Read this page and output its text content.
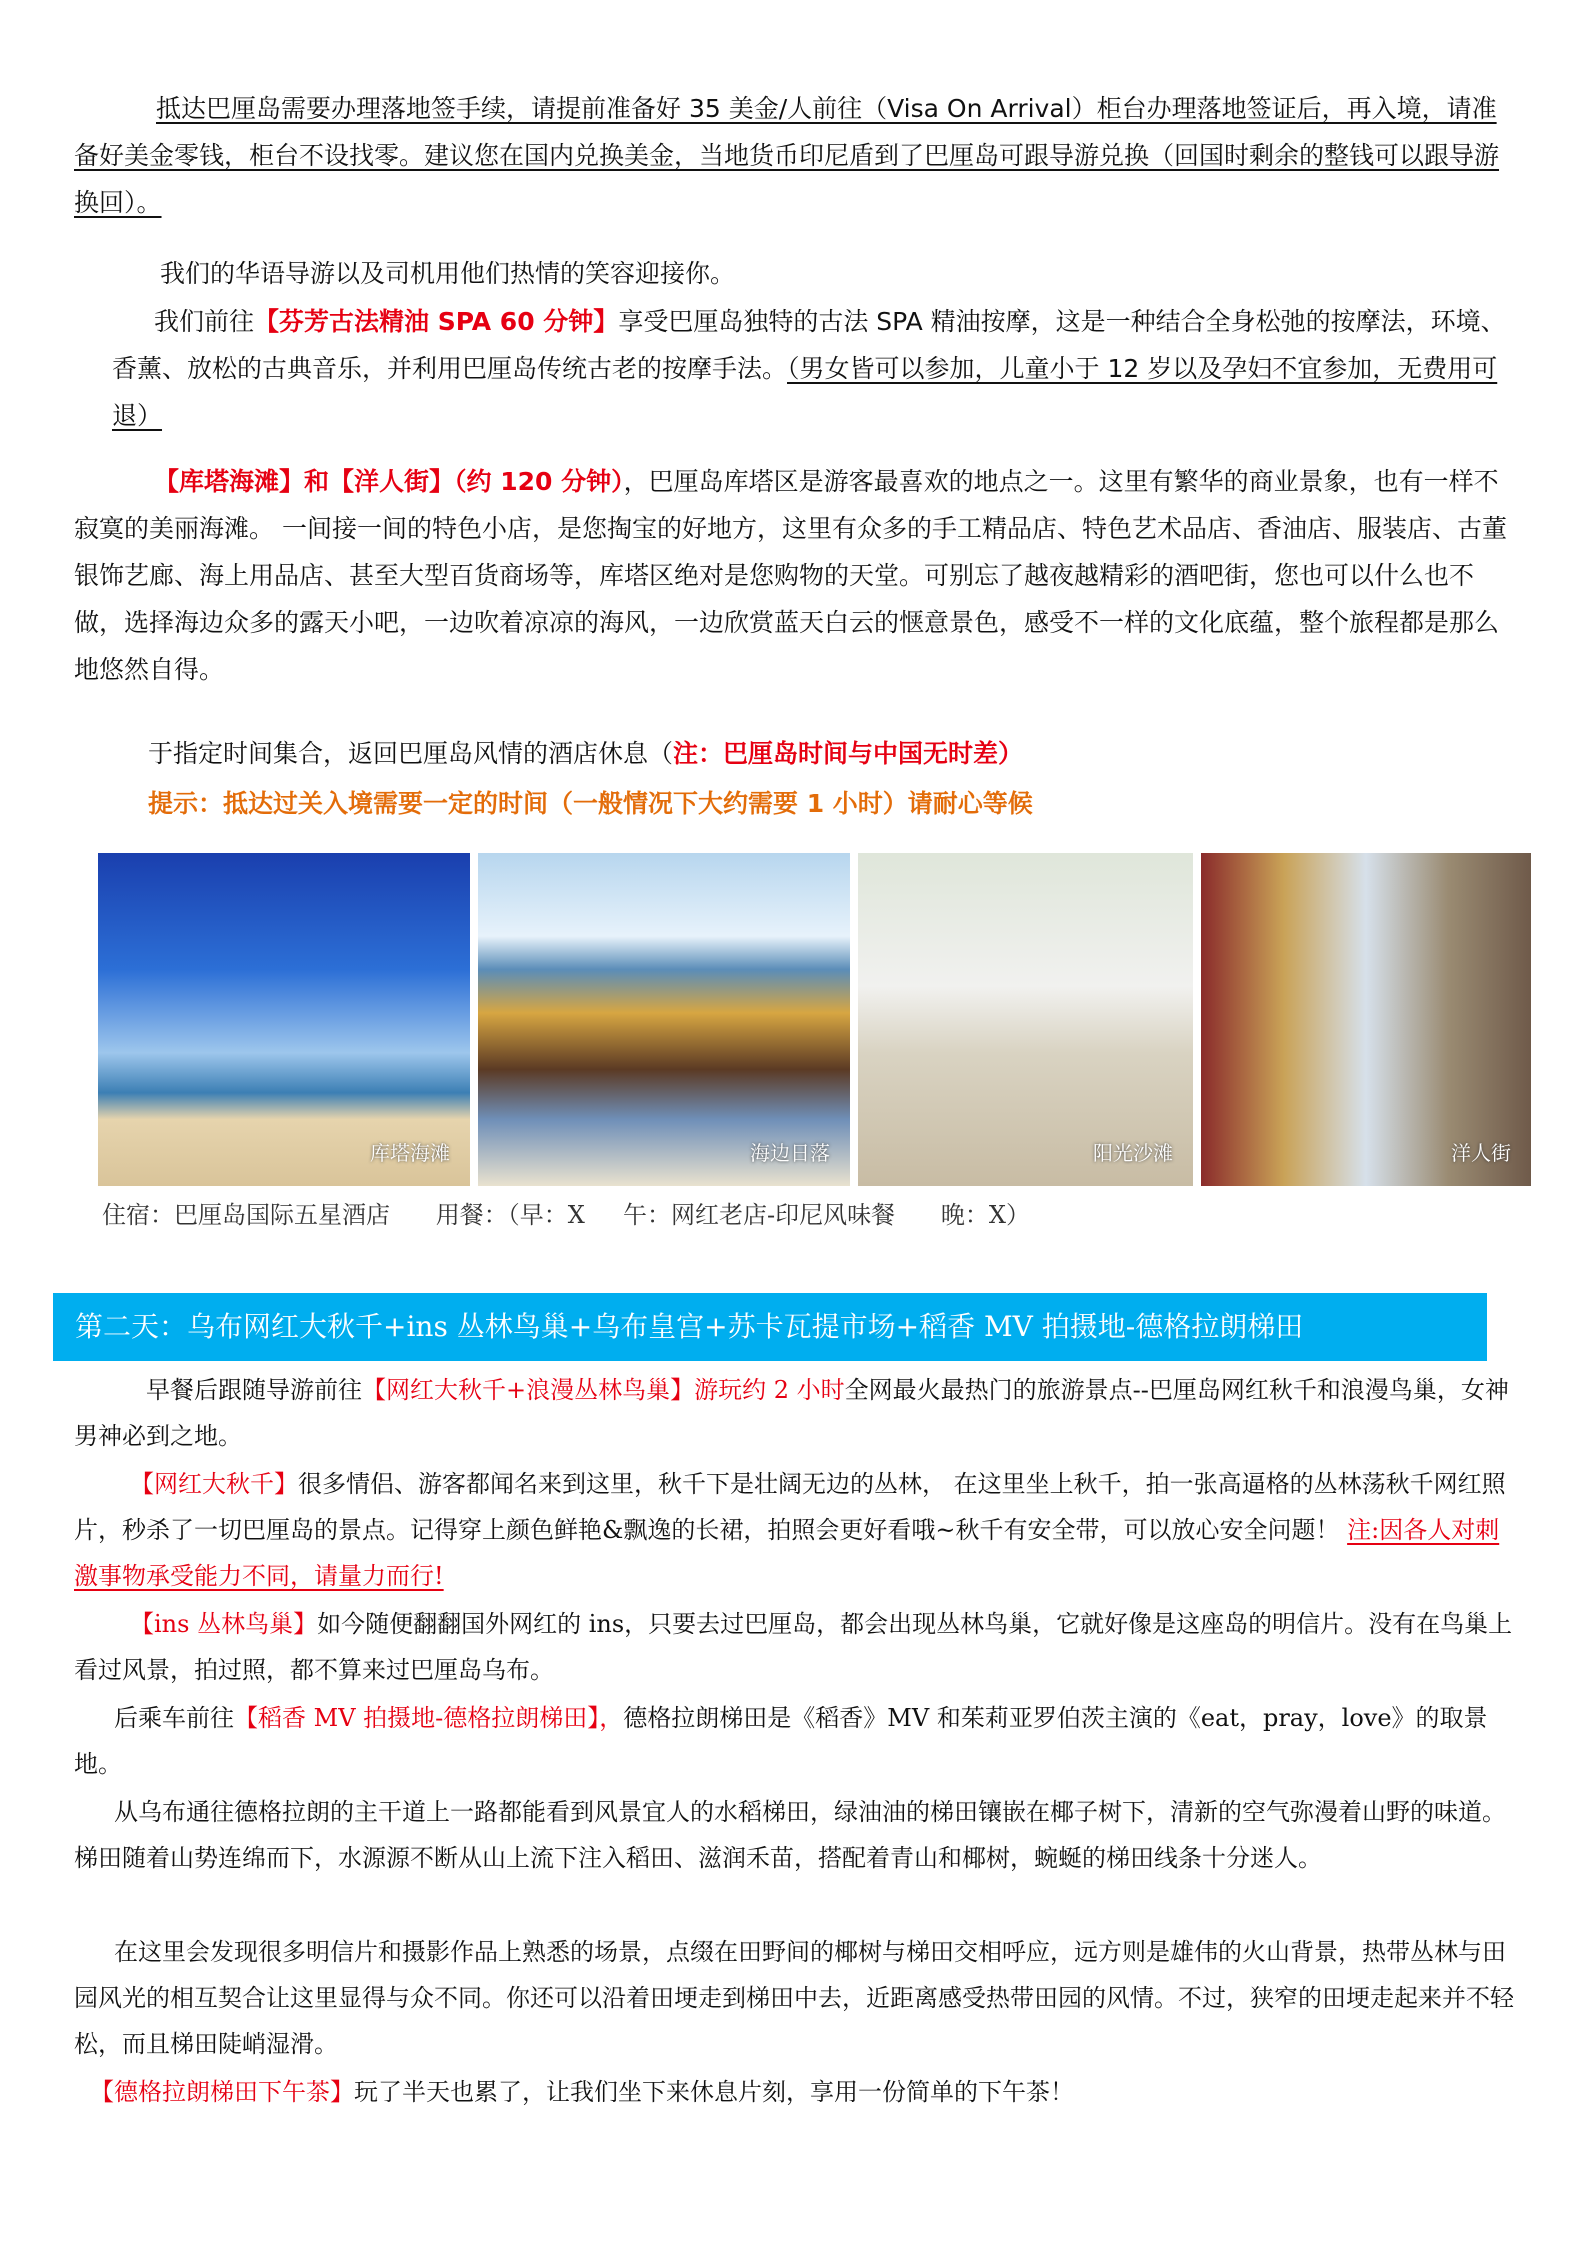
抵达巴厘岛需要办理落地签手续，请提前准备好 35 美金/人前往（Visa On Arrival）柜台办理落地签证后，再入境，请准备好美金零钱，柜台不设找零。建议您在国内兑换美金，当地货币印尼盾到了巴厘岛可跟导游兑换（回国时剩余的整钱可以跟导游换回）。

我们的华语导游以及司机用他们热情的笑容迎接你。

我们前往【芬芳古法精油 SPA 60 分钟】享受巴厘岛独特的古法 SPA 精油按摩，这是一种结合全身松弛的按摩法，环境、香薰、放松的古典音乐，并利用巴厘岛传统古老的按摩手法。（男女皆可以参加，儿童小于 12 岁以及孕妇不宜参加，无费用可退）

【库塔海滩】和【洋人街】（约 120 分钟），巴厘岛库塔区是游客最喜欢的地点之一。这里有繁华的商业景象，也有一样不寂寞的美丽海滩。 一间接一间的特色小店，是您掏宝的好地方，这里有众多的手工精品店、特色艺术品店、香油店、服装店、古董银饰艺廊、海上用品店、甚至大型百货商场等，库塔区绝对是您购物的天堂。可别忘了越夜越精彩的酒吧街，您也可以什么也不做，选择海边众多的露天小吧，一边吹着凉凉的海风，一边欣赏蓝天白云的惬意景色，感受不一样的文化底蕴，整个旅程都是那么地悠然自得。

于指定时间集合，返回巴厘岛风情的酒店休息（注：巴厘岛时间与中国无时差）

提示：抵达过关入境需要一定的时间（一般情况下大约需要 1 小时）请耐心等候

库塔海滩	海边日落	阳光沙滩	洋人街
住宿：巴厘岛国际五星酒店      用餐：（早：X     午：网红老店-印尼风味餐      晚：X）
第二天：乌布网红大秋千+ins 丛林鸟巢+乌布皇宫+苏卡瓦提市场+稻香 MV 拍摄地-德格拉朗梯田

早餐后跟随导游前往【网红大秋千+浪漫丛林鸟巢】游玩约 2 小时全网最火最热门的旅游景点--巴厘岛网红秋千和浪漫鸟巢，女神男神必到之地。

【网红大秋千】很多情侣、游客都闻名来到这里，秋千下是壮阔无边的丛林， 在这里坐上秋千，拍一张高逼格的丛林荡秋千网红照片，秒杀了一切巴厘岛的景点。记得穿上颜色鲜艳&飘逸的长裙，拍照会更好看哦~秋千有安全带，可以放心安全问题！ 注:因各人对刺激事物承受能力不同，请量力而行!

【ins 丛林鸟巢】如今随便翻翻国外网红的 ins，只要去过巴厘岛，都会出现丛林鸟巢，它就好像是这座岛的明信片。没有在鸟巢上看过风景，拍过照，都不算来过巴厘岛乌布。

后乘车前往【稻香 MV 拍摄地-德格拉朗梯田】，德格拉朗梯田是《稻香》MV 和茱莉亚罗伯茨主演的《eat，pray，love》的取景地。

从乌布通往德格拉朗的主干道上一路都能看到风景宜人的水稻梯田，绿油油的梯田镶嵌在椰子树下，清新的空气弥漫着山野的味道。梯田随着山势连绵而下，水源源不断从山上流下注入稻田、滋润禾苗，搭配着青山和椰树，蜿蜒的梯田线条十分迷人。

在这里会发现很多明信片和摄影作品上熟悉的场景，点缀在田野间的椰树与梯田交相呼应，远方则是雄伟的火山背景，热带丛林与田园风光的相互契合让这里显得与众不同。你还可以沿着田埂走到梯田中去，近距离感受热带田园的风情。不过，狭窄的田埂走起来并不轻松，而且梯田陡峭湿滑。

【德格拉朗梯田下午茶】玩了半天也累了，让我们坐下来休息片刻，享用一份简单的下午茶！
